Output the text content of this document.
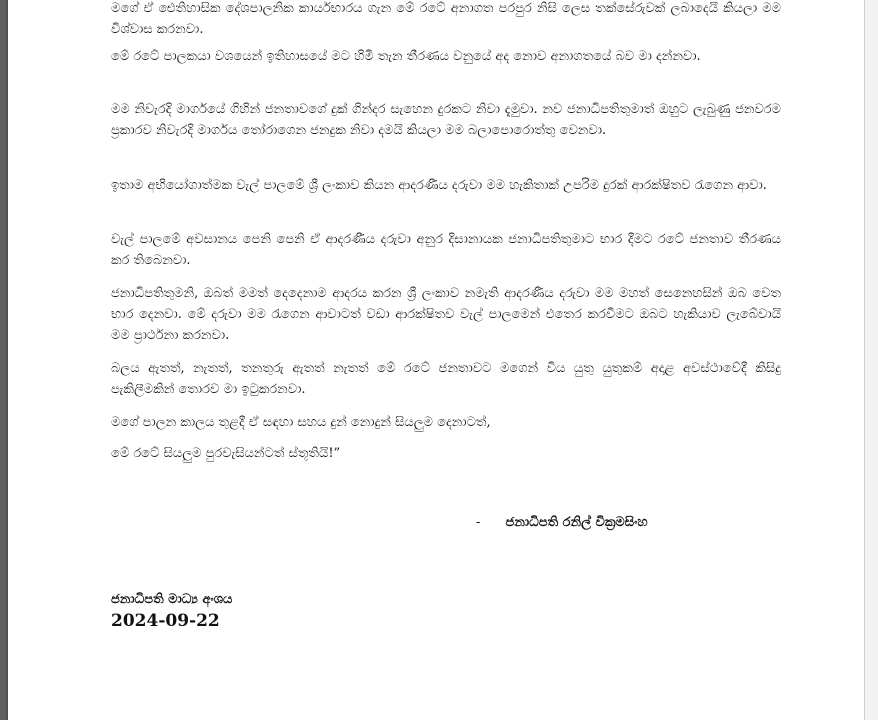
මගේ ඒ ඓතිහාසික දේශපාලනික කාර්යභාරය ගැන මේ රටේ අනාගත පරපුර නිසි ලෙස තක්සේරුවක් ලබාදෙයි කියලා මම විශ්වාස කරනවා.

මේ රටේ පාලකයා වශයෙන් ඉතිහාසයේ මට හිමි තැන තීරණය වනුයේ අද නොව අනාගතයේ බව මා දන්නවා.

මම නිවැරදි මාර්ගයේ ගිහින් ජනතාවගේ දුක් ගින්දර සැහෙන දුරකට නිවා දැමුවා. නව ජනාධිපතිතුමාත් ඔහුට ලැබුණු ජනවරම ප්‍රකාරව නිවැරදි මාර්ගය තෝරාගෙන ජනදුක නිවා දමයි කියලා මම බලාපොරොත්තු වෙනවා.

ඉතාම අභියෝගාත්මක වැල් පාලමේ ශ්‍රී ලංකාව කියන ආදරණීය දරුවා මම හැකිතාක් උපරිම දුරක් ආරක්ෂිතව රැගෙන ආවා.

වැල් පාලමේ අවසානය පෙනි පෙනි ඒ ආදරණීය දරුවා අනුර දිසානායක ජනාධිපතිතුමාට භාර දීමට රටේ ජනතාව තීරණය කර තිබෙනවා.

ජනාධිපතිතුමනි, ඔබත් මමත් දෙදෙනාම ආදරය කරන ශ්‍රී ලංකාව නමැති ආදරණීය දරුවා මම මහත් සෙනෙහසින් ඔබ වෙත භාර දෙනවා. මේ දරුවා මම රැගෙන ආවාටත් වඩා ආරක්ෂිතව වැල් පාලමෙන් එතෙර කරවීමට ඔබට හැකියාව ලැබේවායි මම ප්‍රාර්ථනා කරනවා.

බලය ඇතත්, නැතත්, තනතුරු ඇතත් නැතත් මේ රටේ ජනතාවට මගෙන් විය යුතු යුතුකම් අදාළ අවස්ථාවේදී කිසිදු පැකිලීමකින් තොරව මා ඉටුකරනවා.

මගේ පාලන කාලය තුළදී ඒ සඳහා සහය දුන් නොදුන් සියලුම දෙනාටත්,

මේ රටේ සියලුම පුරවැසියන්ටත් ස්තූතියි!”

- ජනාධිපති රනිල් වික්‍රමසිංහ
ජනාධිපති මාධ්‍ය අංශය
2024-09-22
